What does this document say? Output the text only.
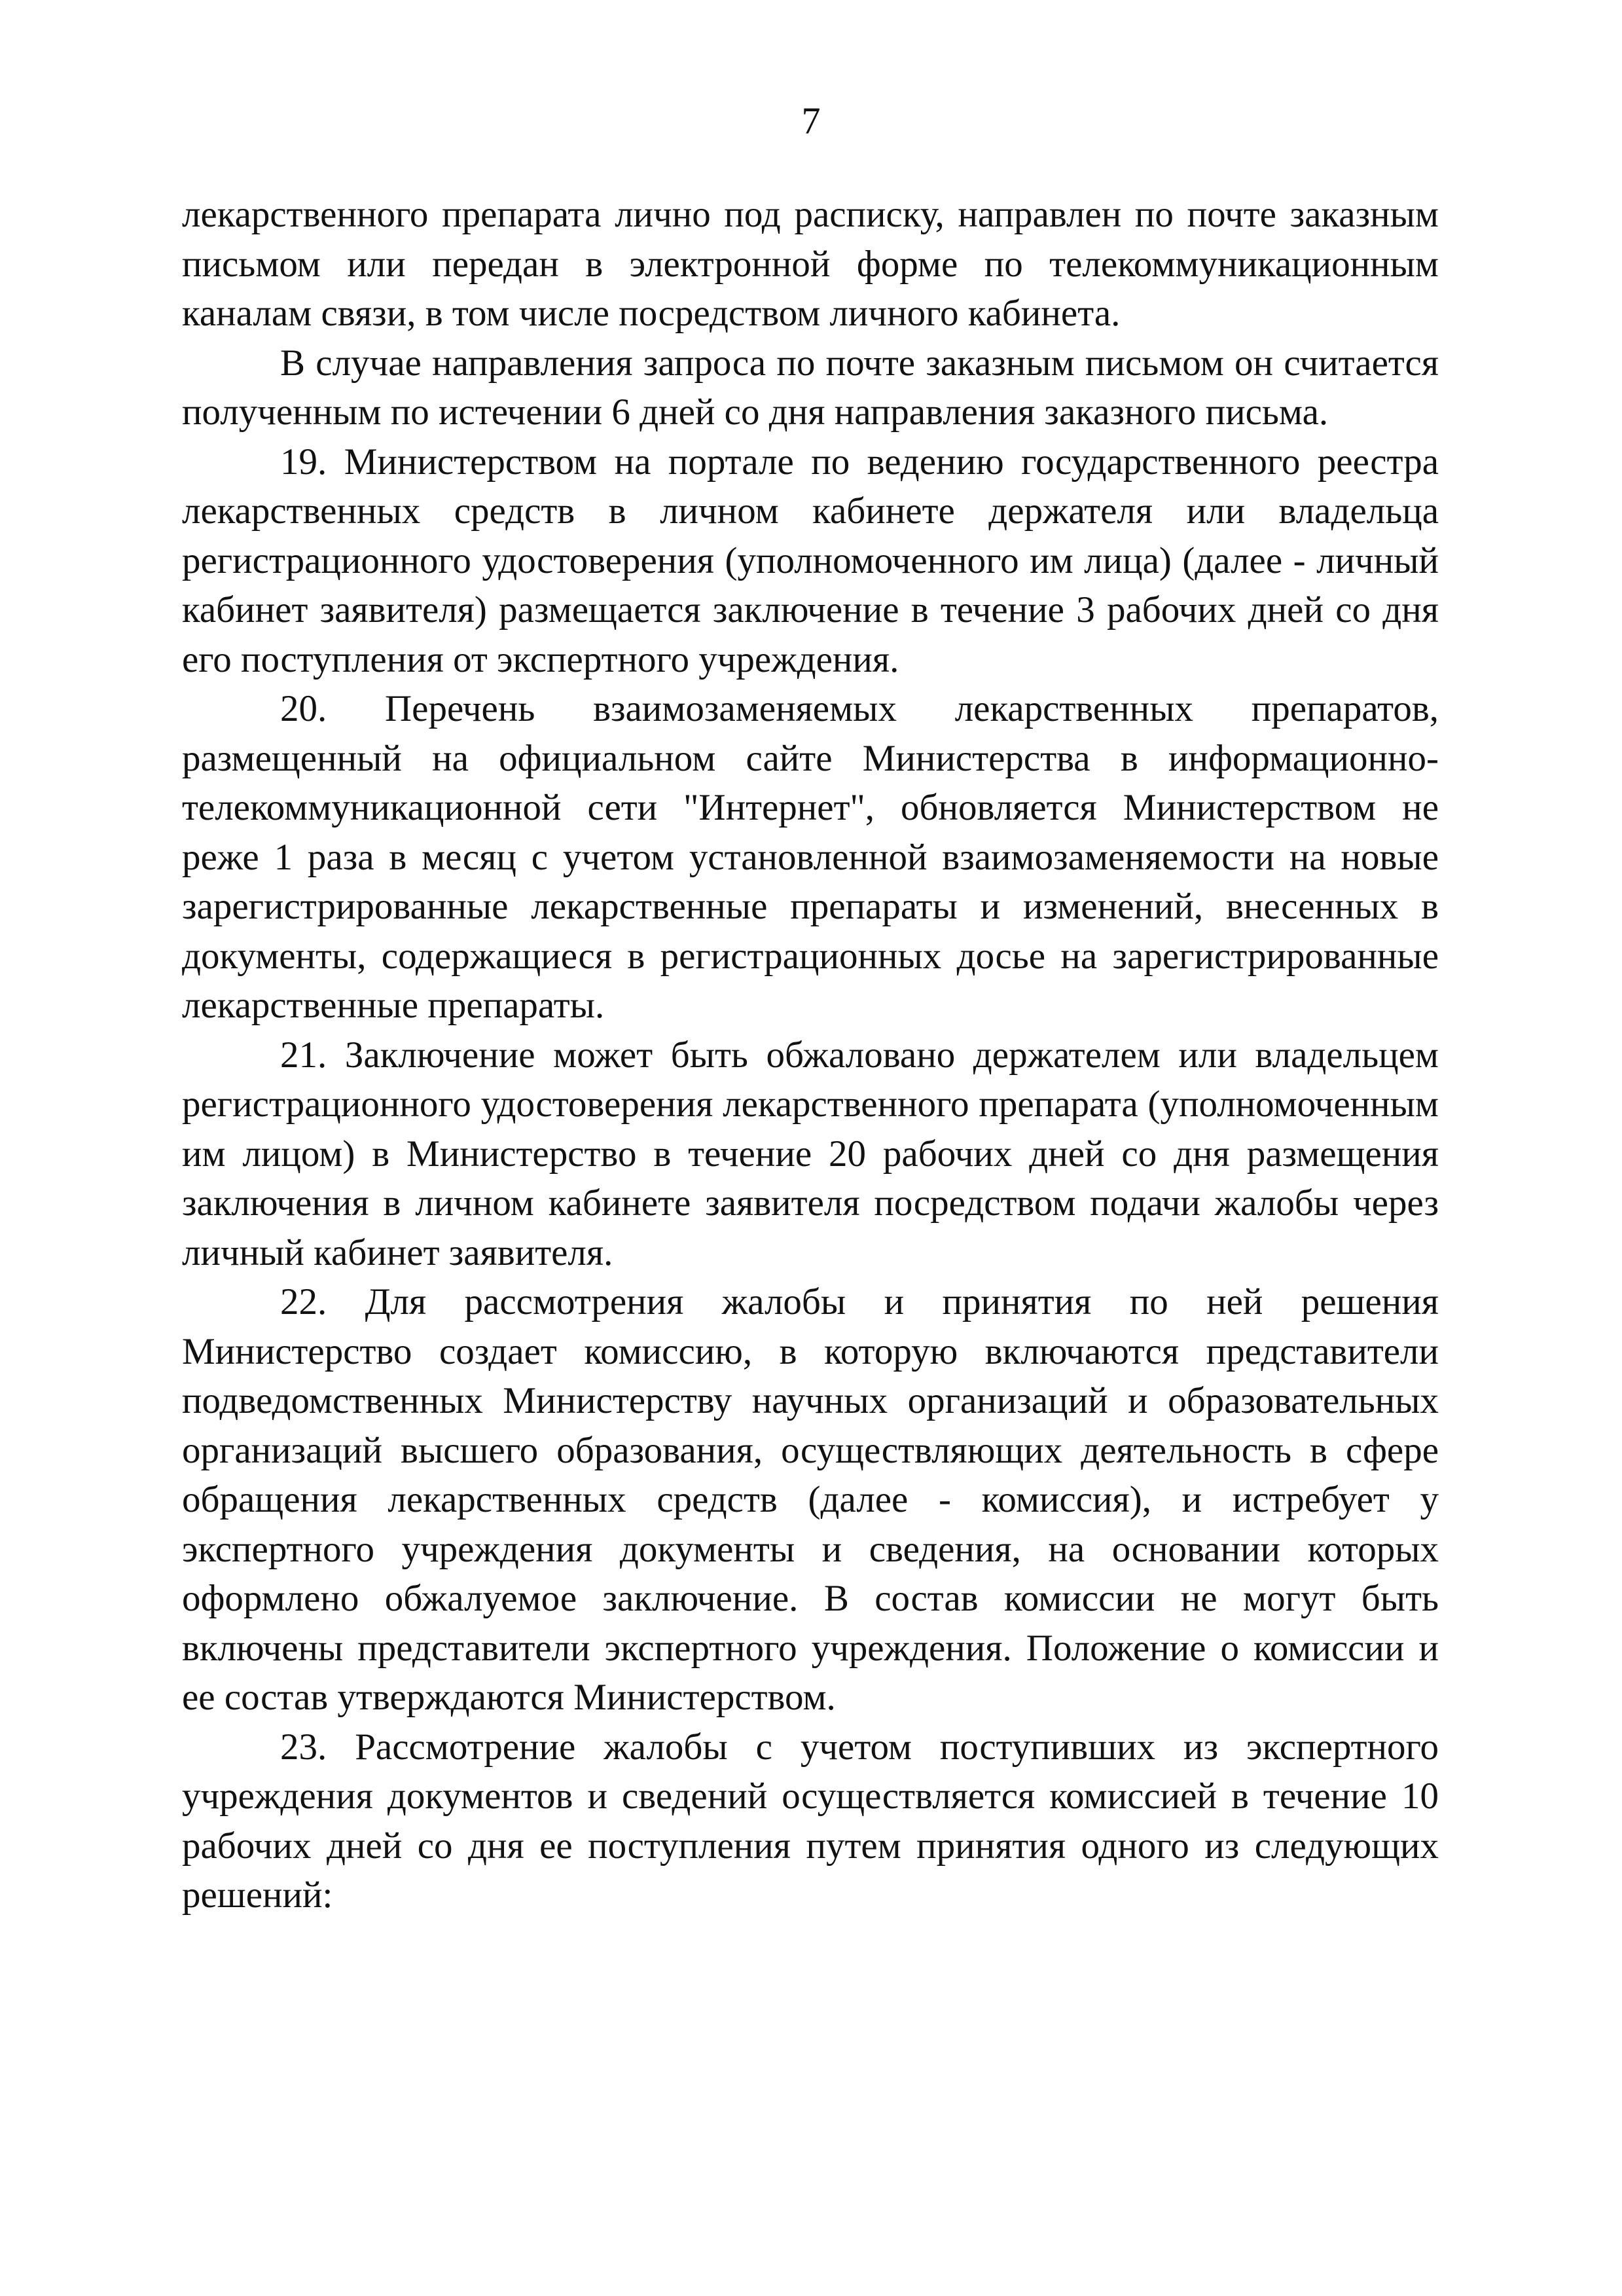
7

лекарственного препарата лично под расписку, направлен по почте заказным письмом или передан в электронной форме по телекоммуникационным каналам связи, в том числе посредством личного кабинета.

В случае направления запроса по почте заказным письмом он считается полученным по истечении 6 дней со дня направления заказного письма.

19. Министерством на портале по ведению государственного реестра лекарственных средств в личном кабинете держателя или владельца регистрационного удостоверения (уполномоченного им лица) (далее - личный кабинет заявителя) размещается заключение в течение 3 рабочих дней со дня его поступления от экспертного учреждения.

20. Перечень взаимозаменяемых лекарственных препаратов, размещенный на официальном сайте Министерства в информационно-телекоммуникационной сети "Интернет", обновляется Министерством не реже 1 раза в месяц с учетом установленной взаимозаменяемости на новые зарегистрированные лекарственные препараты и изменений, внесенных в документы, содержащиеся в регистрационных досье на зарегистрированные лекарственные препараты.

21. Заключение может быть обжаловано держателем или владельцем регистрационного удостоверения лекарственного препарата (уполномоченным им лицом) в Министерство в течение 20 рабочих дней со дня размещения заключения в личном кабинете заявителя посредством подачи жалобы через личный кабинет заявителя.

22. Для рассмотрения жалобы и принятия по ней решения Министерство создает комиссию, в которую включаются представители подведомственных Министерству научных организаций и образовательных организаций высшего образования, осуществляющих деятельность в сфере обращения лекарственных средств (далее - комиссия), и истребует у экспертного учреждения документы и сведения, на основании которых оформлено обжалуемое заключение. В состав комиссии не могут быть включены представители экспертного учреждения. Положение о комиссии и ее состав утверждаются Министерством.

23. Рассмотрение жалобы с учетом поступивших из экспертного учреждения документов и сведений осуществляется комиссией в течение 10 рабочих дней со дня ее поступления путем принятия одного из следующих решений:
